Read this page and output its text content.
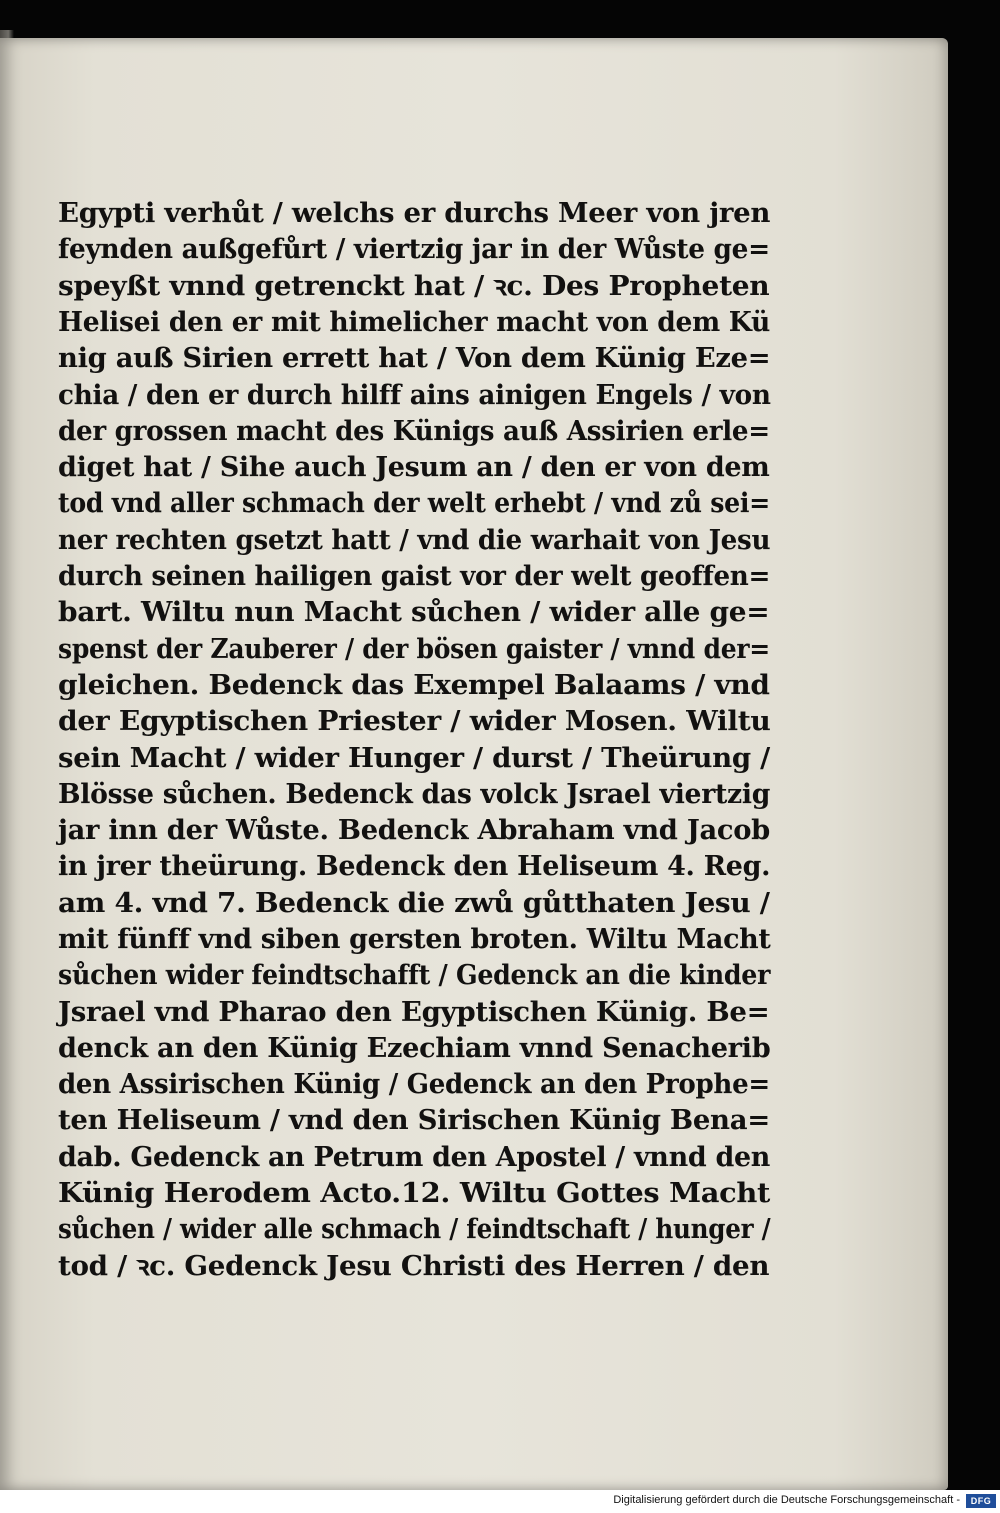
Egypti verhůt / welchs er durchs Meer von jren
feynden außgefůrt / viertzig jar in der Wůste ge=
speyßt vnnd getrenckt hat / ꝛc. Des Propheten
Helisei den er mit himelicher macht von dem Kü
nig auß Sirien errett hat / Von dem Künig Eze=
chia / den er durch hilff ains ainigen Engels / von
der grossen macht des Künigs auß Assirien erle=
diget hat / Sihe auch Jesum an / den er von dem
tod vnd aller schmach der welt erhebt / vnd zů sei=
ner rechten gsetzt hatt / vnd die warhait von Jesu
durch seinen hailigen gaist vor der welt geoffen=
bart. Wiltu nun Macht sůchen / wider alle ge=
spenst der Zauberer / der bösen gaister / vnnd der=
gleichen. Bedenck das Exempel Balaams / vnd
der Egyptischen Priester / wider Mosen. Wiltu
sein Macht / wider Hunger / durst / Theürung /
Blösse sůchen. Bedenck das volck Jsrael viertzig
jar inn der Wůste. Bedenck Abraham vnd Jacob
in jrer theürung. Bedenck den Heliseum 4. Reg.
am 4. vnd 7. Bedenck die zwů gůtthaten Jesu /
mit fünff vnd siben gersten broten. Wiltu Macht
sůchen wider feindtschafft / Gedenck an die kinder
Jsrael vnd Pharao den Egyptischen Künig. Be=
denck an den Künig Ezechiam vnnd Senacherib
den Assirischen Künig / Gedenck an den Prophe=
ten Heliseum / vnd den Sirischen Künig Bena=
dab. Gedenck an Petrum den Apostel / vnnd den
Künig Herodem Acto.12. Wiltu Gottes Macht
sůchen / wider alle schmach / feindtschaft / hunger /
tod / ꝛc. Gedenck Jesu Christi des Herren / den
Digitalisierung gefördert durch die Deutsche Forschungsgemeinschaft -	DFG
